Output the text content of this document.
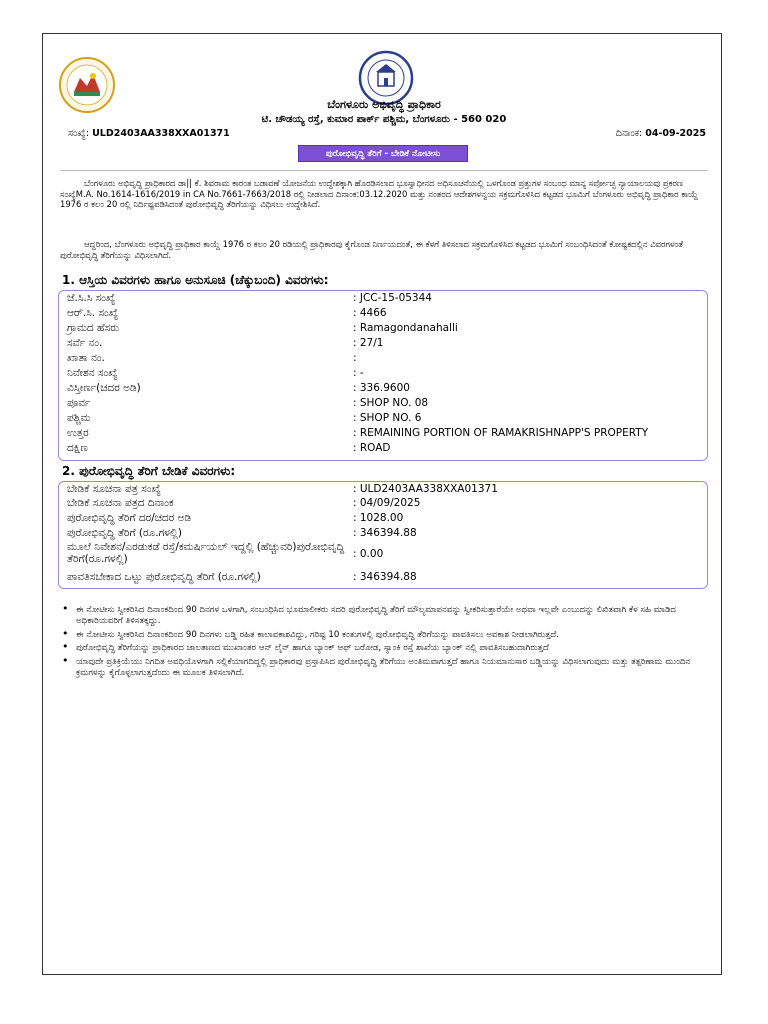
ಬೆಂಗಳೂರು ಅಭಿವೃದ್ಧಿ ಪ್ರಾಧಿಕಾರ
ಟಿ. ಚೌಡಯ್ಯ ರಸ್ತೆ, ಕುಮಾರ ಪಾರ್ಕ್ ಪಶ್ಚಿಮ, ಬೆಂಗಳೂರು - 560 020
ಸಂಖ್ಯೆ: ULD2403AA338XXA01371	ದಿನಾಂಕ: 04-09-2025
ಪುರೋಭಿವೃದ್ಧಿ ತೆರಿಗೆ - ಬೇಡಿಕೆ ನೋಟೀಸು
ಬೆಂಗಳೂರು ಅಭಿವೃದ್ಧಿ ಪ್ರಾಧಿಕಾರದ ಡಾ|| ಕೆ. ಶಿವರಾಮ ಕಾರಂತ ಬಡಾವಣೆ ಯೋಜನೆಯ ಉದ್ದೇಶಕ್ಕಾಗಿ ಹೊರಡಿಸಲಾದ ಭೂಸ್ವಾಧೀನದ ಅಧಿಸೂಚನೆಯಲ್ಲಿ ಒಳಗೊಂಡ ಪ್ರತ್ತುಗಳ ಸಂಬಂಧ ಮಾನ್ಯ ಸರ್ವೋಚ್ಛ ನ್ಯಾಯಾಲಯವು ಪ್ರಕರಣ ಸಂಖ್ಯೆM.A. No.1614-1616/2019 in CA No.7661-7663/2018 ರಲ್ಲಿ ನೀಡಲಾದ ದಿನಾಂಕ:03.12.2020 ಮತ್ತು ನಂತರದ ಆದೇಶಗಳನ್ವಯ ಸಕ್ರಮಗೊಳಿಸಿದ ಕಟ್ಟಡದ ಭೂಮಿಗೆ ಬೆಂಗಳೂರು ಅಭಿವೃದ್ಧಿ ಪ್ರಾಧಿಕಾರ ಕಾಯ್ದೆ 1976 ರ ಕಲಂ 20 ರಲ್ಲಿ ನಿರ್ದಿಷ್ಟಪಡಿಸಿದಂತೆ ಪುರೋಭಿವೃದ್ಧಿ ತೆರಿಗೆಯನ್ನು ವಿಧಿಸಲು ಉದ್ದೇಶಿಸಿದೆ.
ಆದ್ದರಿಂದ, ಬೆಂಗಳೂರು ಅಭಿವೃದ್ಧಿ ಪ್ರಾಧಿಕಾರ ಕಾಯ್ದೆ 1976 ರ ಕಲಂ 20 ರಡಿಯಲ್ಲಿ ಪ್ರಾಧಿಕಾರವು ಕೈಗೊಂಡ ನಿರ್ಣಯದಂತೆ, ಈ ಕೆಳಗೆ ತಿಳಿಸಲಾದ ಸಕ್ರಮಗೊಳಿಸಿದ ಕಟ್ಟಡದ ಭೂಮಿಗೆ ಸಂಬಂಧಿಸಿದಂತೆ ಕೋಷ್ಟಕದಲ್ಲಿನ ವಿವರಗಳಂತೆ ಪುರೋಭಿವೃದ್ಧಿ ತೆರಿಗೆಯನ್ನು ವಿಧಿಸಲಾಗಿದೆ.
1. ಆಸ್ತಿಯ ವಿವರಗಳು ಹಾಗೂ ಅನುಸೂಚಿ (ಚೆಕ್ಕುಬಂದಿ) ವಿವರಗಳು:
ಜೆ.ಸಿ.ಸಿ ಸಂಖ್ಯೆ	: JCC-15-05344
ಆರ್.ಸಿ. ಸಂಖ್ಯೆ	: 4466
ಗ್ರಾಮದ ಹೆಸರು	: Ramagondanahalli
ಸರ್ವೆ ನಂ.	: 27/1
ಖಾತಾ ನಂ.	:
ನಿವೇಶನ ಸಂಖ್ಯೆ	: -
ವಿಸ್ತೀರ್ಣ(ಚದರ ಅಡಿ)	: 336.9600
ಪೂರ್ವ	: SHOP NO. 08
ಪಶ್ಚಿಮ	: SHOP NO. 6
ಉತ್ತರ	: REMAINING PORTION OF RAMAKRISHNAPP'S PROPERTY
ದಕ್ಷಿಣ	: ROAD
2. ಪುರೋಭಿವೃದ್ಧಿ ತೆರಿಗೆ ಬೇಡಿಕೆ ವಿವರಗಳು:
ಬೇಡಿಕೆ ಸೂಚನಾ ಪತ್ರ ಸಂಖ್ಯೆ	: ULD2403AA338XXA01371
ಬೇಡಿಕೆ ಸೂಚನಾ ಪತ್ರದ ದಿನಾಂಕ	: 04/09/2025
ಪುರೋಭಿವೃದ್ಧಿ ತೆರಿಗೆ ದರ/ಚದರ ಅಡಿ	: 1028.00
ಪುರೋಭಿವೃದ್ಧಿ ತೆರಿಗೆ (ರೂ.ಗಳಲ್ಲಿ)	: 346394.88
ಮೂಲೆ ನಿವೇಶನ/ಎರಡುಕಡೆ ರಸ್ತೆ/ಕಮರ್ಷಿಯಲ್ ಇದ್ದಲ್ಲಿ (ಹೆಚ್ಚುವರಿ)ಪುರೋಭಿವೃದ್ಧಿ ತೆರಿಗೆ(ರೂ.ಗಳಲ್ಲಿ)	: 0.00
ಪಾವತಿಸಬೇಕಾದ ಒಟ್ಟು ಪುರೋಭಿವೃದ್ಧಿ ತೆರಿಗೆ (ರೂ.ಗಳಲ್ಲಿ)	: 346394.88
• ಈ ನೋಟೀಸು ಸ್ವೀಕರಿಸಿದ ದಿನಾಂಕದಿಂದ 90 ದಿನಗಳ ಒಳಗಾಗಿ, ಸಂಬಂಧಿಸಿದ ಭೂಮಾಲೀಕರು ಸದರಿ ಪುರೋಭಿವೃದ್ಧಿ ತೆರಿಗೆ ಮೌಲ್ಯಮಾಪನವನ್ನು ಸ್ವೀಕರಿಸುತ್ತಾರೆಯೇ ಅಥವಾ ಇಲ್ಲವೇ ಎಂಬುದನ್ನು ಲಿಖಿತವಾಗಿ ಕೆಳ ಸಹಿ ಮಾಡಿದ ಅಧಿಕಾರಿಯವರಿಗೆ ತಿಳಿಸತಕ್ಕದ್ದು.
• ಈ ನೋಟೀಸು ಸ್ವೀಕರಿಸಿದ ದಿನಾಂಕದಿಂದ 90 ದಿನಗಳು ಬಡ್ಡಿ ರಹಿತ ಕಾಲಾವಕಾಶವಿದ್ದು, ಗರಿಷ್ಟ 10 ಕಂತುಗಳಲ್ಲಿ ಪುರೋಭಿವೃದ್ಧಿ ತೆರಿಗೆಯನ್ನು ಪಾವತಿಸಲು ಅವಕಾಶ ನೀಡಲಾಗಿರುತ್ತದೆ.
• ಪುರೋಭಿವೃದ್ಧಿ ತೆರಿಗೆಯನ್ನು ಪ್ರಾಧಿಕಾರದ ಜಾಲತಾಣದ ಮುಖಾಂತರ ಆನ್ ಲೈನ್ ಹಾಗೂ ಬ್ಯಾಂಕ್ ಆಫ್ ಬರೋಡ, ಸ್ಯಾಂಕಿ ರಸ್ತೆ ಶಾಖೆಯ ಬ್ಯಾಂಕ್ ನಲ್ಲಿ ಪಾವತಿಸಬಹುದಾಗಿರುತ್ತದೆ
• ಯಾವುದೇ ಪ್ರತಿಕ್ರಿಯೆಯು ನಿಗದಿತ ಅವಧಿಯೊಳಗಾಗಿ ಸಲ್ಲಿಕೆಯಾಗದಿದ್ದಲ್ಲಿ ಪ್ರಾಧಿಕಾರವು ಪ್ರಸ್ತಾಪಿಸಿದ ಪುರೋಭಿವೃದ್ಧಿ ತೆರಿಗೆಯು ಅಂತಿಮವಾಗುತ್ತದೆ ಹಾಗೂ ನಿಯಮಾನುಸಾರ ಬಡ್ಡಿಯನ್ನು ವಿಧಿಸಲಾಗುವುದು ಮತ್ತು ತತ್ಪರಿಣಾಮ ಮುಂದಿನ ಕ್ರಮಗಳನ್ನು ಕೈಗೊಳ್ಳಲಾಗುತ್ತದೆಂದು ಈ ಮೂಲಕ ತಿಳಿಸಲಾಗಿದೆ.
